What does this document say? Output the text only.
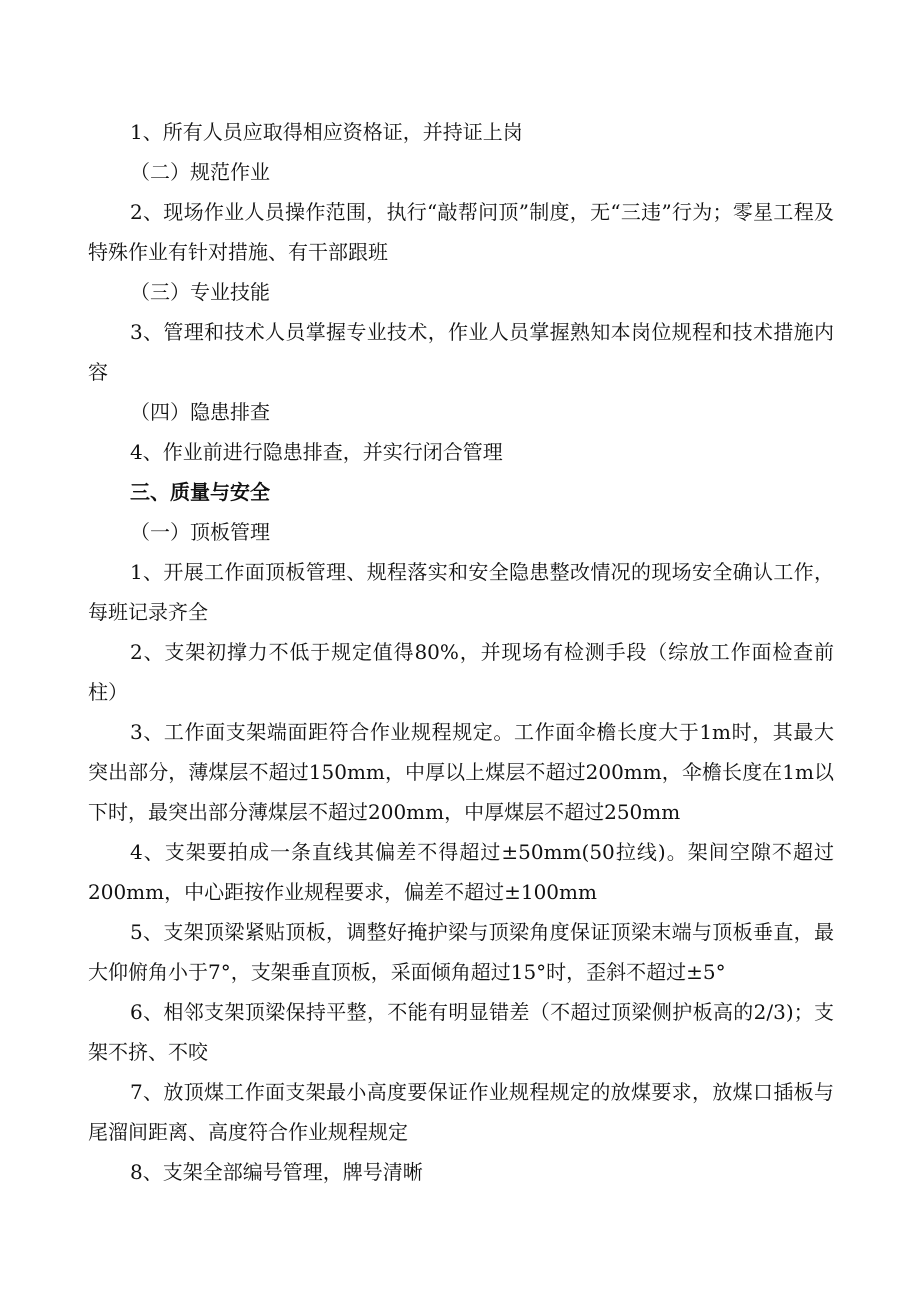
1、所有人员应取得相应资格证，并持证上岗

（二）规范作业

2、现场作业人员操作范围，执行“敲帮问顶”制度，无“三违”行为；零星工程及特殊作业有针对措施、有干部跟班

（三）专业技能

3、管理和技术人员掌握专业技术，作业人员掌握熟知本岗位规程和技术措施内容

（四）隐患排查

4、作业前进行隐患排查，并实行闭合管理

三、质量与安全

（一）顶板管理

1、开展工作面顶板管理、规程落实和安全隐患整改情况的现场安全确认工作，每班记录齐全

2、支架初撑力不低于规定值得80%，并现场有检测手段（综放工作面检查前柱）

3、工作面支架端面距符合作业规程规定。工作面伞檐长度大于1m时，其最大突出部分，薄煤层不超过150mm，中厚以上煤层不超过200mm，伞檐长度在1m以下时，最突出部分薄煤层不超过200mm，中厚煤层不超过250mm

4、支架要拍成一条直线其偏差不得超过±50mm(50拉线)。架间空隙不超过200mm，中心距按作业规程要求，偏差不超过±100mm

5、支架顶梁紧贴顶板，调整好掩护梁与顶梁角度保证顶梁末端与顶板垂直，最大仰俯角小于7°，支架垂直顶板，采面倾角超过15°时，歪斜不超过±5°

6、相邻支架顶梁保持平整，不能有明显错差（不超过顶梁侧护板高的2/3)；支架不挤、不咬

7、放顶煤工作面支架最小高度要保证作业规程规定的放煤要求，放煤口插板与尾溜间距离、高度符合作业规程规定

8、支架全部编号管理，牌号清晰
